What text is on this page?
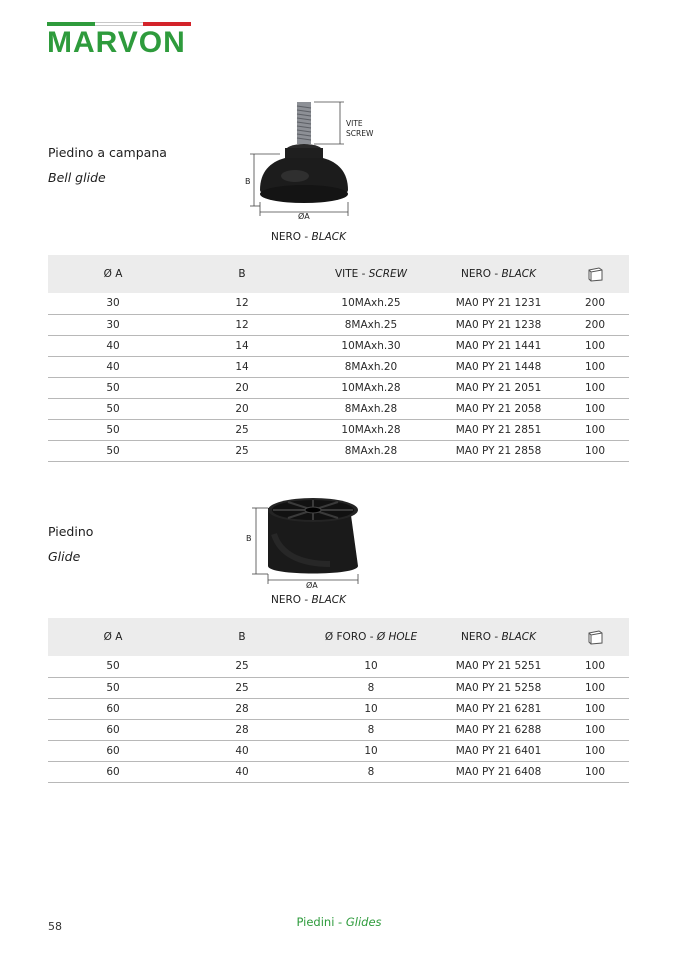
MARVON
Piedino a campana
Bell glide	B
ØA
VITE
SCREW
NERO - BLACK
Ø A	B	VITE - SCREW	NERO - BLACK	
30	12	10MAxh.25	MA0 PY 21 1231	200
30	12	8MAxh.25	MA0 PY 21 1238	200
40	14	10MAxh.30	MA0 PY 21 1441	100
40	14	8MAxh.20	MA0 PY 21 1448	100
50	20	10MAxh.28	MA0 PY 21 2051	100
50	20	8MAxh.28	MA0 PY 21 2058	100
50	25	10MAxh.28	MA0 PY 21 2851	100
50	25	8MAxh.28	MA0 PY 21 2858	100
Piedino
Glide
B
ØA
NERO - BLACK
Ø A	B	Ø FORO - Ø HOLE	NERO - BLACK	
50	25	10	MA0 PY 21 5251	100
50	25	8	MA0 PY 21 5258	100
60	28	10	MA0 PY 21 6281	100
60	28	8	MA0 PY 21 6288	100
60	40	10	MA0 PY 21 6401	100
60	40	8	MA0 PY 21 6408	100
58	Piedini - Glides
